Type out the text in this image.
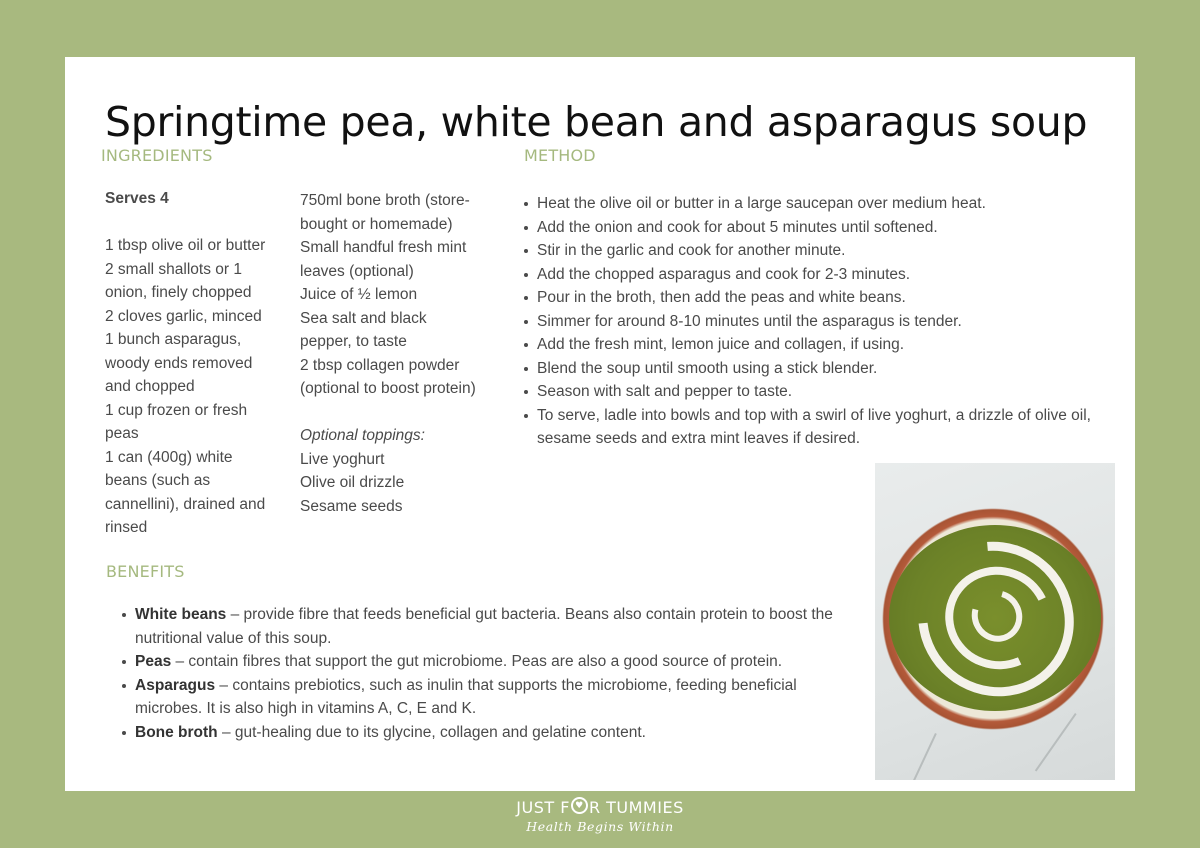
Springtime pea, white bean and asparagus soup
INGREDIENTS	METHOD
Serves 4
1 tbsp olive oil or butter
2 small shallots or 1
onion, finely chopped
2 cloves garlic, minced
1 bunch asparagus,
woody ends removed
and chopped
1 cup frozen or fresh
peas
1 can (400g) white
beans (such as
cannellini), drained and
rinsed
750ml bone broth (store-
bought or homemade)
Small handful fresh mint
leaves (optional)
Juice of ½ lemon
Sea salt and black
pepper, to taste
2 tbsp collagen powder
(optional to boost protein)
Optional toppings:
Live yoghurt
Olive oil drizzle
Sesame seeds
Heat the olive oil or butter in a large saucepan over medium heat.
Add the onion and cook for about 5 minutes until softened.
Stir in the garlic and cook for another minute.
Add the chopped asparagus and cook for 2-3 minutes.
Pour in the broth, then add the peas and white beans.
Simmer for around 8-10 minutes until the asparagus is tender.
Add the fresh mint, lemon juice and collagen, if using.
Blend the soup until smooth using a stick blender.
Season with salt and pepper to taste.
To serve, ladle into bowls and top with a swirl of live yoghurt, a drizzle of olive oil, sesame seeds and extra mint leaves if desired.
BENEFITS
White beans – provide fibre that feeds beneficial gut bacteria. Beans also contain protein to boost the nutritional value of this soup.
Peas – contain fibres that support the gut microbiome. Peas are also a good source of protein.
Asparagus – contains prebiotics, such as inulin that supports the microbiome, feeding beneficial microbes. It is also high in vitamins A, C, E and K.
Bone broth – gut-healing due to its glycine, collagen and gelatine content.
JUST F ♥ R TUMMIES
Health Begins Within
